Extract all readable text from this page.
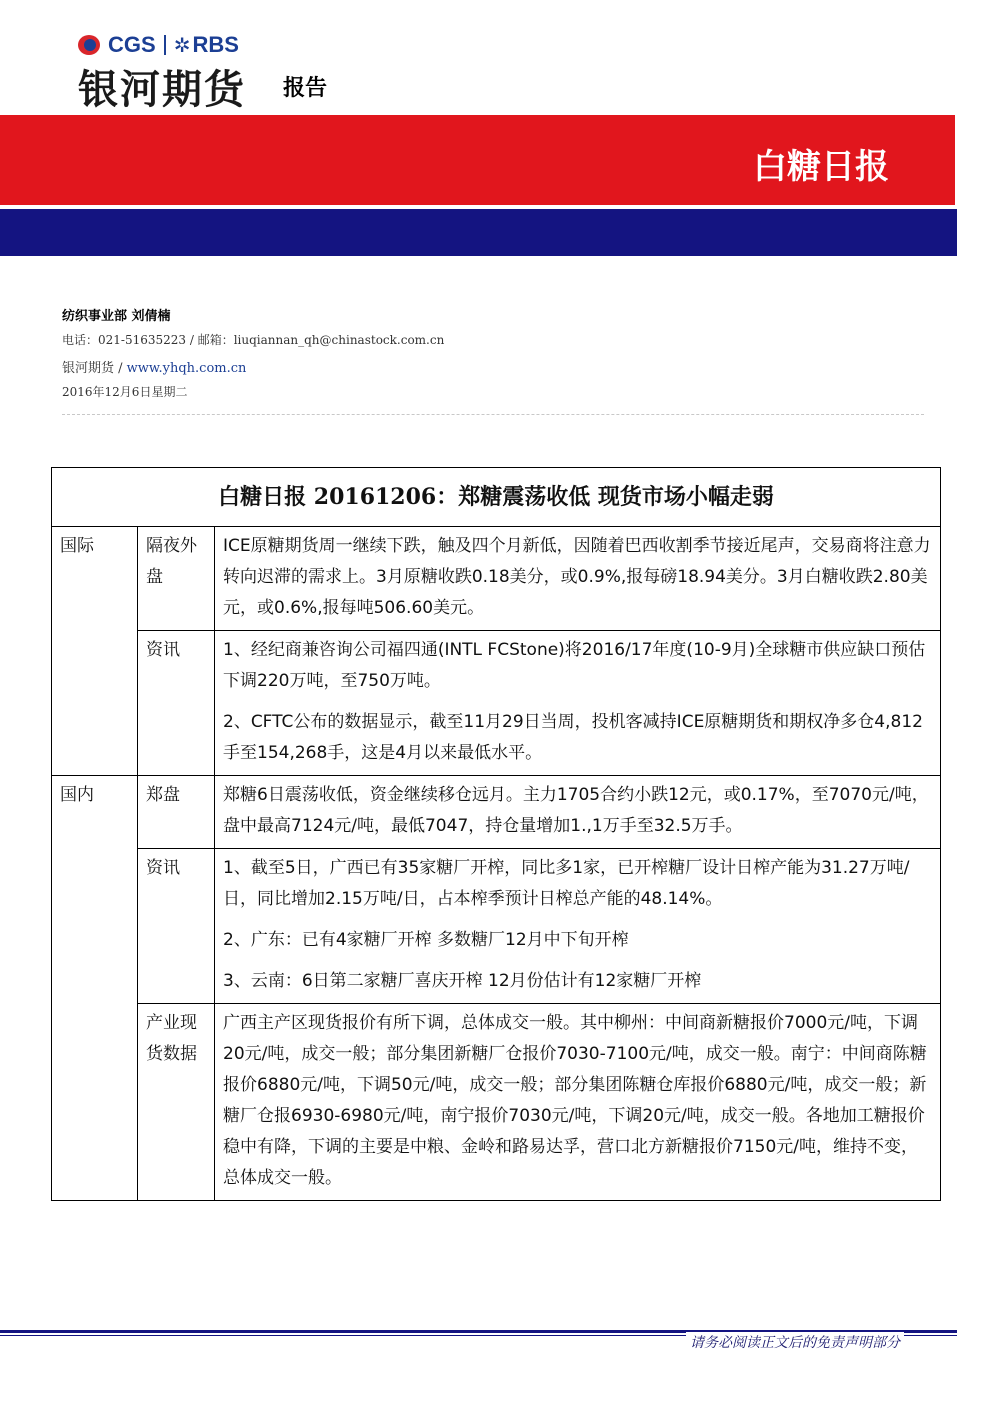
CGS ✲ RBS
银河期货 报告
白糖日报
纺织事业部 刘倩楠
电话：021-51635223 / 邮箱：liuqiannan_qh@chinastock.com.cn
银河期货 / www.yhqh.com.cn
2016年12月6日星期二
白糖日报 20161206：郑糖震荡收低 现货市场小幅走弱		
国际	隔夜外盘	ICE原糖期货周一继续下跌，触及四个月新低，因随着巴西收割季节接近尾声，交易商将注意力转向迟滞的需求上。3月原糖收跌0.18美分，或0.9%,报每磅18.94美分。3月白糖收跌2.80美元，或0.6%,报每吨506.60美元。

	资讯	1、经纪商兼咨询公司福四通(INTL FCStone)将2016/17年度(10-9月)全球糖市供应缺口预估下调220万吨，至750万吨。

2、CFTC公布的数据显示，截至11月29日当周，投机客减持ICE原糖期货和期权净多仓4,812手至154,268手，这是4月以来最低水平。

国内	郑盘	郑糖6日震荡收低，资金继续移仓远月。主力1705合约小跌12元，或0.17%，至7070元/吨，盘中最高7124元/吨，最低7047，持仓量增加1.,1万手至32.5万手。

	资讯	1、截至5日，广西已有35家糖厂开榨，同比多1家，已开榨糖厂设计日榨产能为31.27万吨/日，同比增加2.15万吨/日，占本榨季预计日榨总产能的48.14%。

2、广东：已有4家糖厂开榨 多数糖厂12月中下旬开榨

3、云南：6日第二家糖厂喜庆开榨 12月份估计有12家糖厂开榨

	产业现货数据	广西主产区现货报价有所下调，总体成交一般。其中柳州：中间商新糖报价7000元/吨，下调20元/吨，成交一般；部分集团新糖厂仓报价7030-7100元/吨，成交一般。南宁：中间商陈糖报价6880元/吨，下调50元/吨，成交一般；部分集团陈糖仓库报价6880元/吨，成交一般；新糖厂仓报6930-6980元/吨，南宁报价7030元/吨，下调20元/吨，成交一般。各地加工糖报价稳中有降，下调的主要是中粮、金岭和路易达孚，营口北方新糖报价7150元/吨，维持不变，总体成交一般。

请务必阅读正文后的免责声明部分
